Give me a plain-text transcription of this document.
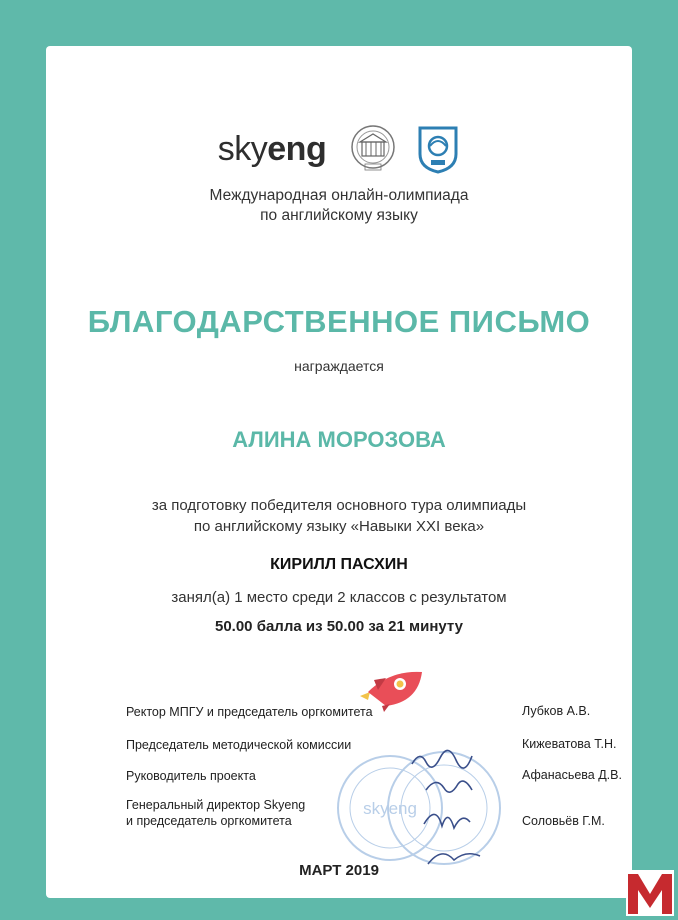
skyeng
Международная онлайн-олимпиада
по английскому языку
БЛАГОДАРСТВЕННОЕ ПИСЬМО
награждается
АЛИНА МОРОЗОВА
за подготовку победителя основного тура олимпиады
по английскому языку «Навыки XXI века»
КИРИЛЛ ПАСХИН
занял(а) 1 место среди 2 классов с результатом
50.00 балла из 50.00 за 21 минуту
skyeng
Ректор МПГУ и председатель оргкомитета	Лубков А.В.
Председатель методической комиссии	Кижеватова Т.Н.
Руководитель проекта	Афанасьева Д.В.
Генеральный директор Skyeng
и председатель оргкомитета	Соловьёв Г.М.
МАРТ 2019
